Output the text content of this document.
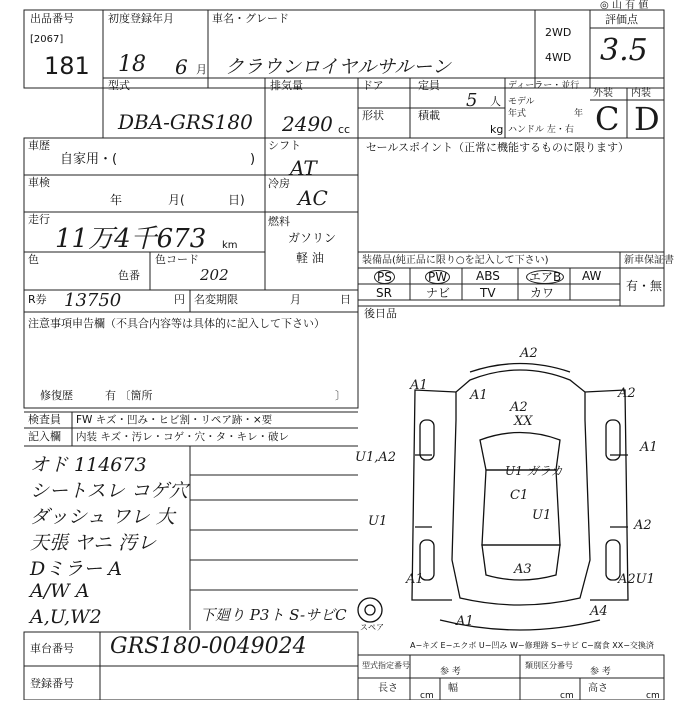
出品番号
[2067]
181
初度登録年月
18 6 月
車名・グレード
クラウンロイヤルサルーン
2WD
4WD
◎ 山 有 値
評価点
3.5
外装 内装
C D
型式
DBA-GRS180
排気量
2490 cc
ドア
形状
定員
5 人
積載
kg
ディーラー・並行
モデル年式	年
ハンドル 左・右
車歴
自家用・(	)
車検
年	月(	日)
走行
11万4千673 km
色
色番
色コード
202
シフト
AT
冷房
AC
燃料
ガソリン
軽 油
R券 13750	円 名変期限	月	日
注意事項申告欄（不具合内容等は具体的に記入して下さい）
修復歴	有 〔箇所	〕
セールスポイント（正常に機能するものに限ります）
装備品(純正品に限り○を記入して下さい)	新車保証書
有・無
PS	PW ABS エアB AW
SR	ナビ TV	カワ
後日品
検査員 FW キズ・凹み・ヒビ割・リペア跡・×要
記入欄 内装 キズ・汚レ・コゲ・穴・タ・キレ・破レ
オド 114673
シートスレ コゲ穴
ダッシュ ワレ 大
天張 ヤニ 汚レ
Dミラー A
A/W A
A,U,W2	下廻り P3ト S-サビC
A2
A1
A1	A2
A2
XX
U1,A2
U1 ガラカ
C1
U1
U1	A2
A1
A3
A2U1
A1
A4
A1
スペア
車台番号 GRS180-0049024
登録番号
A−キズ E−エクボ U−凹み W−修理跡 S−サビ C−腐食 XX−交換済
型式指定番号	類別区分番号
参 考	参 考
長さ
cm
幅
cm
高さ
cm
